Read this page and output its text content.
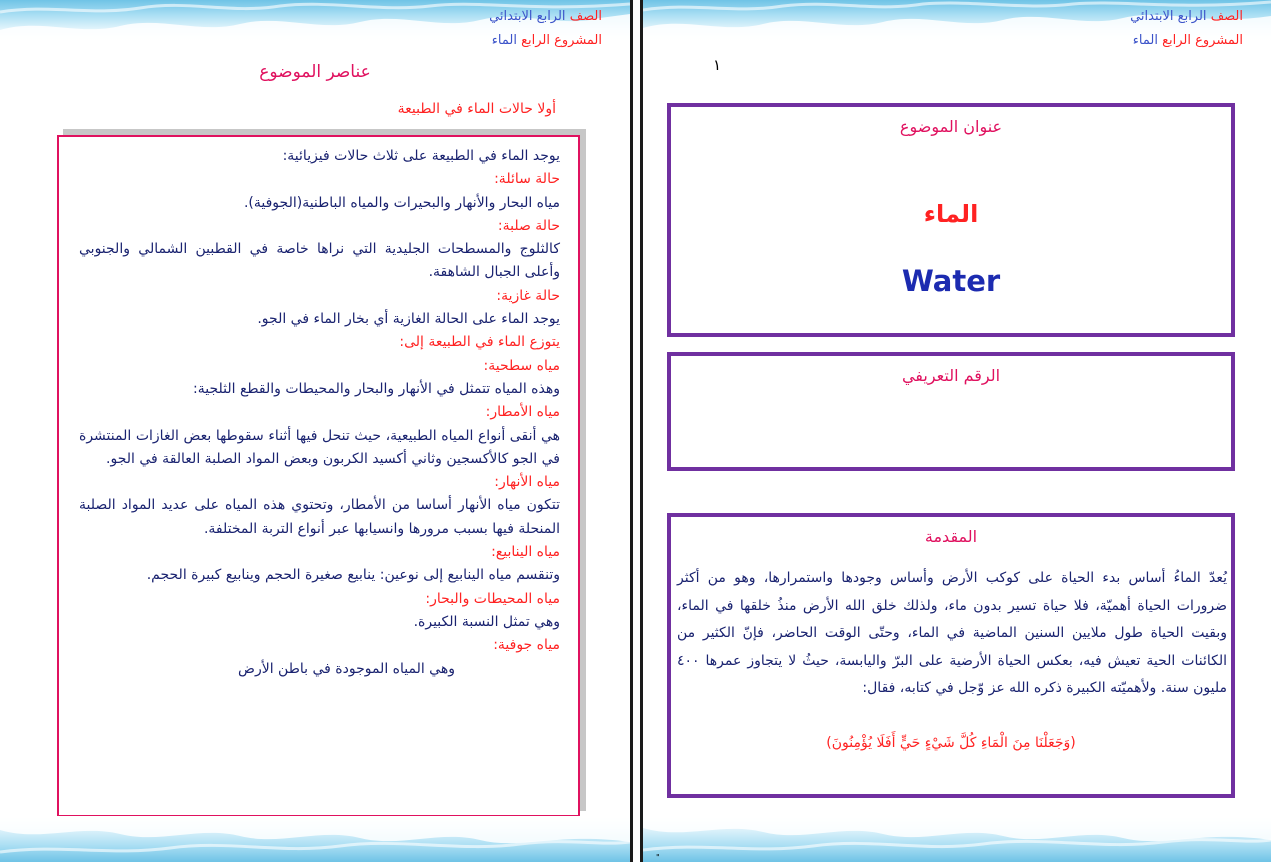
الصف الرابع الابتدائي
المشروع الرابع الماء
عناصر الموضوع
أولا حالات الماء في الطبيعة

يوجد الماء في الطبيعة على ثلاث حالات فيزيائية:

حالة سائلة:

مياه البحار والأنهار والبحيرات والمياه الباطنية(الجوفية).

حالة صلبة:

كالثلوج والمسطحات الجليدية التي نراها خاصة في القطبين الشمالي والجنوبي وأعلى الجبال الشاهقة.

حالة غازية:

يوجد الماء على الحالة الغازية أي بخار الماء في الجو.

يتوزع الماء في الطبيعة إلى:

مياه سطحية:

وهذه المياه تتمثل في الأنهار والبحار والمحيطات والقطع الثلجية:

مياه الأمطار:

هي أنقى أنواع المياه الطبيعية، حيث تنحل فيها أثناء سقوطها بعض الغازات المنتشرة في الجو كالأكسجين وثاني أكسيد الكربون وبعض المواد الصلبة العالقة في الجو.

مياه الأنهار:

تتكون مياه الأنهار أساسا من الأمطار، وتحتوي هذه المياه على عديد المواد الصلبة المنحلة فيها بسبب مرورها وانسيابها عبر أنواع التربة المختلفة.

مياه الينابيع:

وتنقسم مياه الينابيع إلى نوعين: ينابيع صغيرة الحجم وينابيع كبيرة الحجم.

مياه المحيطات والبحار:

وهي تمثل النسبة الكبيرة.

مياه جوفية:

وهي المياه الموجودة في باطن الأرض

الصف الرابع الابتدائي
المشروع الرابع الماء
١
عنوان الموضوع
الماء
Water
الرقم التعريفي
المقدمة
يُعدّ الماءُ أساس بدء الحياة على كوكب الأرض وأساس وجودها واستمرارها، وهو من أكثر ضرورات الحياة أهميّة، فلا حياة تسير بدون ماء، ولذلك خلق الله الأرض منذُ خلقها في الماء، وبقيت الحياة طول ملايين السنين الماضية في الماء، وحتّى الوقت الحاضر، فإنّ الكثير من الكائنات الحية تعيش فيه، بعكس الحياة الأرضية على البرّ واليابسة، حيثُ لا يتجاوز عمرها ٤٠٠ مليون سنة. ولأهميّته الكبيرة ذكره الله عز وّجل في كتابه، فقال:
(وَجَعَلْنَا مِنَ الْمَاءِ كُلَّ شَيْءٍ حَيٍّ أَفَلَا يُؤْمِنُونَ)
"
